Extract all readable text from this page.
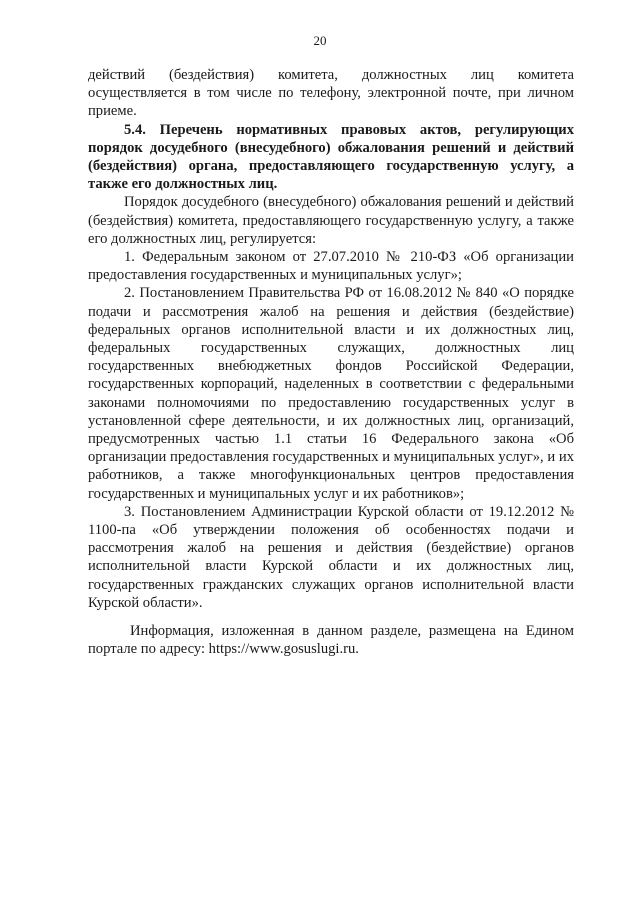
20

действий (бездействия) комитета, должностных лиц комитета осуществляется в том числе по телефону, электронной почте, при личном приеме.

5.4. Перечень нормативных правовых актов, регулирующих порядок досудебного (внесудебного) обжалования решений и действий (бездействия) органа, предоставляющего государственную услугу, а также его должностных лиц.

Порядок досудебного (внесудебного) обжалования решений и действий (бездействия) комитета, предоставляющего государственную услугу, а также его должностных лиц, регулируется:

1. Федеральным законом от 27.07.2010 № 210-ФЗ «Об организации предоставления государственных и муниципальных услуг»;

2. Постановлением Правительства РФ от 16.08.2012 № 840 «О порядке подачи и рассмотрения жалоб на решения и действия (бездействие) федеральных органов исполнительной власти и их должностных лиц, федеральных государственных служащих, должностных лиц государственных внебюджетных фондов Российской Федерации, государственных корпораций, наделенных в соответствии с федеральными законами полномочиями по предоставлению государственных услуг в установленной сфере деятельности, и их должностных лиц, организаций, предусмотренных частью 1.1 статьи 16 Федерального закона «Об организации предоставления государственных и муниципальных услуг», и их работников, а также многофункциональных центров предоставления государственных и муниципальных услуг и их работников»;

3. Постановлением Администрации Курской области от 19.12.2012 № 1100-па «Об утверждении положения об особенностях подачи и рассмотрения жалоб на решения и действия (бездействие) органов исполнительной власти Курской области и их должностных лиц, государственных гражданских служащих органов исполнительной власти Курской области».

Информация, изложенная в данном разделе, размещена на Едином портале по адресу: https://www.gosuslugi.ru.
